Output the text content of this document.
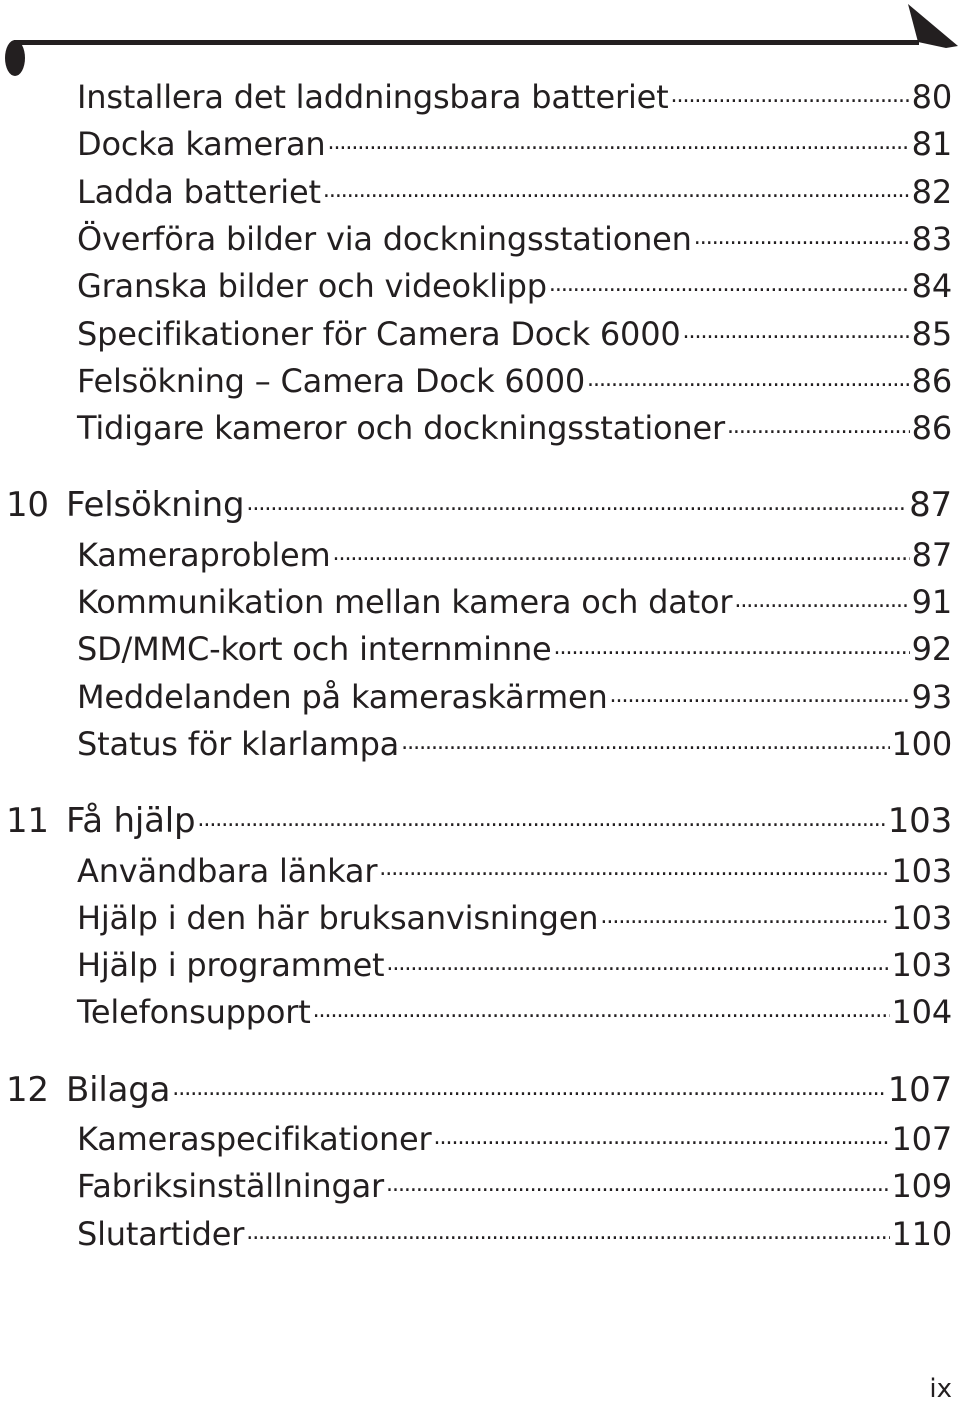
Installera det laddningsbara batteriet . . .	80
Docka kameran . . .	81
Ladda batteriet . . .	82
Överföra bilder via dockningsstationen . . .	83
Granska bilder och videoklipp . . .	84
Specifikationer för Camera Dock 6000 . . .	85
Felsökning – Camera Dock 6000 . . .	86
Tidigare kameror och dockningsstationer . . .	86
10 Felsökning . . .	87
Kameraproblem . . .	87
Kommunikation mellan kamera och dator . . .	91
SD/MMC-kort och internminne . . .	92
Meddelanden på kameraskärmen . . .	93
Status för klarlampa . . .	100
11 Få hjälp . . .	103
Användbara länkar . . .	103
Hjälp i den här bruksanvisningen . . .	103
Hjälp i programmet . . .	103
Telefonsupport . . .	104
12 Bilaga . . .	107
Kameraspecifikationer . . .	107
Fabriksinställningar . . .	109
Slutartider . . .	110
ix
